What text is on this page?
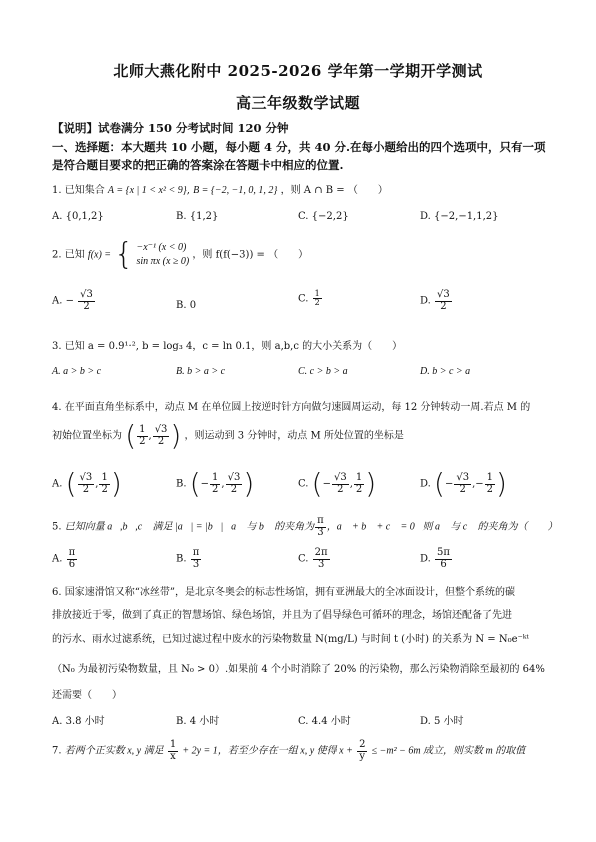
北师大燕化附中 2025-2026 学年第一学期开学测试
高三年级数学试题
【说明】试卷满分 150 分考试时间 120 分钟
一、选择题：本大题共 10 小题，每小题 4 分，共 40 分.在每小题给出的四个选项中，只有一项
是符合题目要求的把正确的答案涂在答题卡中相应的位置.
1. 已知集合 A = {x | 1 < x² < 9}, B = {−2, −1, 0, 1, 2} ，则 A ∩ B = （　　）
A. {0,1,2}	B. {1,2}	C. {−2,2}	D. {−2,−1,1,2}
2. 已知 f(x) = { −x⁻¹ (x < 0)
sin πx (x ≥ 0)
，则 f(f(−3)) = （　　）
A. − $\frac{√3}{2}$	B. 0
C. $\frac{1}{2}$	D. $\frac{√3}{2}$
3. 已知 a = 0.9¹·², b = log₃ 4，c = ln 0.1，则 a,b,c 的大小关系为（　　）
A. a > b > c	B. b > a > c	C. c > b > a	D. b > c > a
4. 在平面直角坐标系中，动点 M 在单位圆上按逆时针方向做匀速圆周运动，每 12 分钟转动一周.若点 M 的
初始位置坐标为 ( $\frac{1}{2}$ , $\frac{√3}{2}$ ) ，则运动到 3 分钟时，动点 M 所处位置的坐标是
A. ( $\frac{√3}{2}$ , $\frac{1}{2}$ )	B. (− $\frac{1}{2}$ , $\frac{√3}{2}$ )	C. (− $\frac{√3}{2}$ , $\frac{1}{2}$ )	D. (− $\frac{√3}{2}$ ,− $\frac{1}{2}$ )
5. 已知向量 a⃗,b⃗,c⃗ 满足 |a⃗| = |b⃗|，a⃗ 与 b⃗ 的夹角为 $\frac{\pi}{3}$ ，a⃗ + b⃗ + c⃗ = 0，则 a⃗ 与 c⃗ 的夹角为（　　）
A. $\frac{\pi}{6}$	B. $\frac{\pi}{3}$	C. $\frac{2\pi}{3}$	D. $\frac{5\pi}{6}$
6. 国家速滑馆又称“冰丝带”，是北京冬奥会的标志性场馆，拥有亚洲最大的全冰面设计，但整个系统的碳
排放接近于零，做到了真正的智慧场馆、绿色场馆，并且为了倡导绿色可循环的理念，场馆还配备了先进
的污水、雨水过滤系统，已知过滤过程中废水的污染物数量 N(mg/L) 与时间 t (小时) 的关系为 N = N₀e⁻ᵏᵗ
（N₀ 为最初污染物数量，且 N₀ > 0）.如果前 4 个小时消除了 20% 的污染物，那么污染物消除至最初的 64%
还需要（　　）
A. 3.8 小时	B. 4 小时	C. 4.4 小时	D. 5 小时
7. 若两个正实数 x, y 满足 $\frac{1}{x} + 2y = 1$，若至少存在一组 x, y 使得 $x + \frac{2}{y} \le -m^2 - 6m$ 成立，则实数 m 的取值
